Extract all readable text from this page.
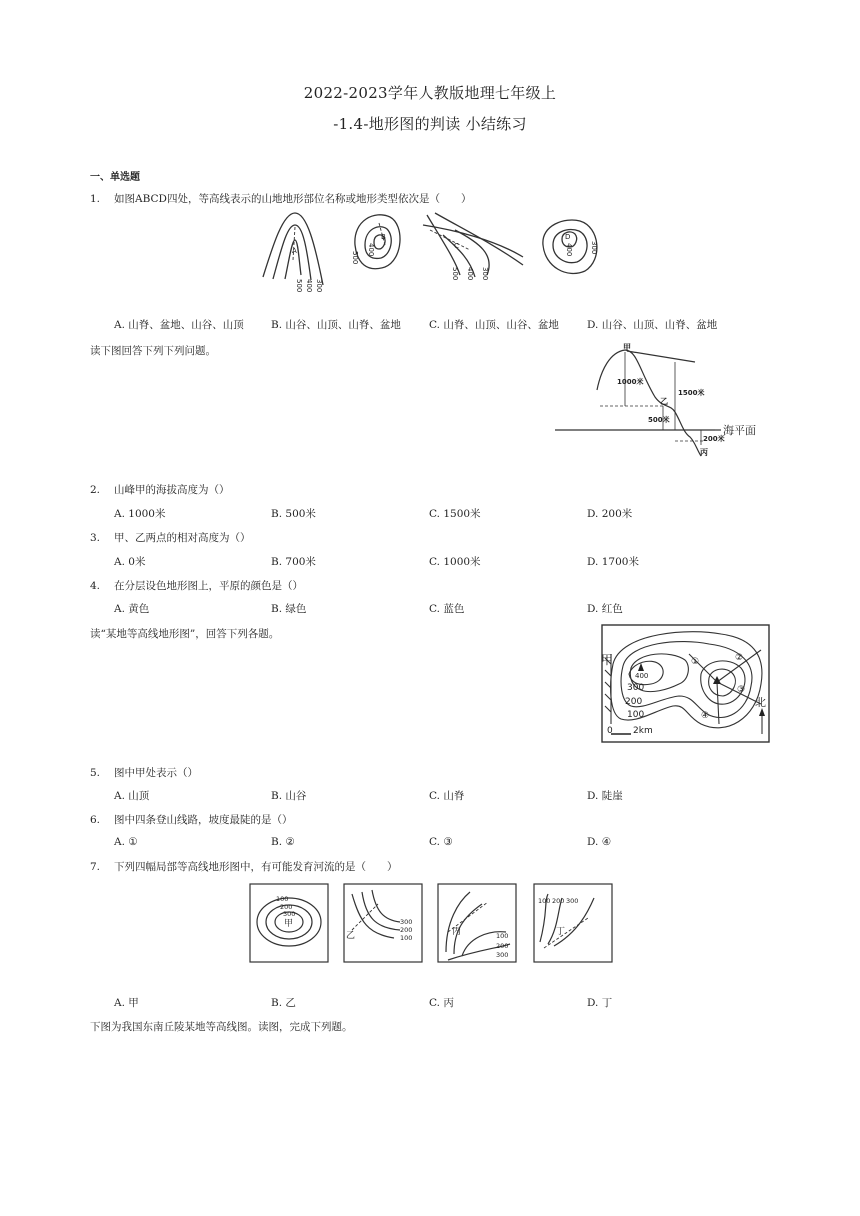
2022-2023学年人教版地理七年级上
-1.4-地形图的判读 小结练习
一、单选题
1. 如图ABCD四处，等高线表示的山地地形部位名称或地形类型依次是（　　）
A
500 400 300
B
500
400	C
500 400 300
D
400 300
A. 山脊、盆地、山谷、山顶	B. 山谷、山顶、山脊、盆地	C. 山脊、山顶、山谷、盆地	D. 山谷、山顶、山脊、盆地
读下图回答下列下列问题。	甲
乙
丙
1000米
1500米
500米
200米
海平面
2. 山峰甲的海拔高度为（）
A. 1000米	B. 500米	C. 1500米	D. 200米
3. 甲、乙两点的相对高度为（）
A. 0米	B. 700米	C. 1000米	D. 1700米
4. 在分层设色地形图上，平原的颜色是（）
A. 黄色	B. 绿色	C. 蓝色	D. 红色
读“某地等高线地形图”，回答下列各题。
甲
400
300
200
100
①	②
③
④
0 2km
北
5. 图中甲处表示（）
A. 山顶	B. 山谷	C. 山脊	D. 陡崖
6. 图中四条登山线路，坡度最陡的是（）
A. ①	B. ②	C. ③	D. ④
7. 下列四幅局部等高线地形图中，有可能发育河流的是（　　）
100
200
300
甲	300
200
100
乙	100
200
300
丙
100 200 300
丁
A. 甲	B. 乙	C. 丙	D. 丁
下图为我国东南丘陵某地等高线图。读图，完成下列题。
